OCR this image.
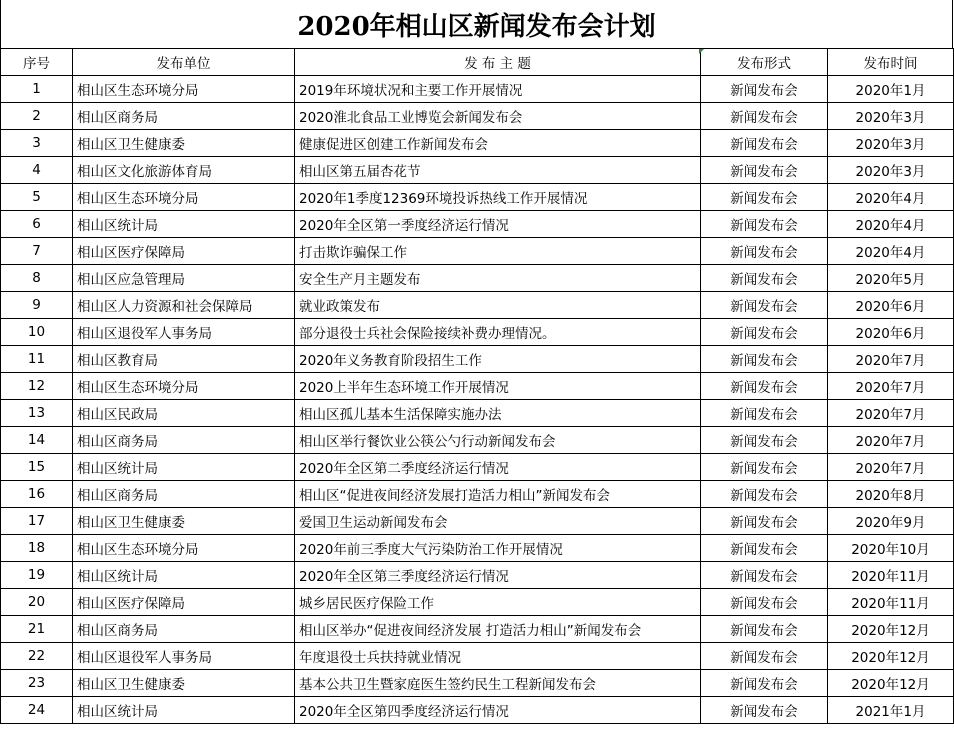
2020年相山区新闻发布会计划
序号	发布单位	发 布 主 题	发布形式	发布时间
1	相山区生态环境分局	2019年环境状况和主要工作开展情况	新闻发布会	2020年1月
2	相山区商务局	2020淮北食品工业博览会新闻发布会	新闻发布会	2020年3月
3	相山区卫生健康委	健康促进区创建工作新闻发布会	新闻发布会	2020年3月
4	相山区文化旅游体育局	相山区第五届杏花节	新闻发布会	2020年3月
5	相山区生态环境分局	2020年1季度12369环境投诉热线工作开展情况	新闻发布会	2020年4月
6	相山区统计局	2020年全区第一季度经济运行情况	新闻发布会	2020年4月
7	相山区医疗保障局	打击欺诈骗保工作	新闻发布会	2020年4月
8	相山区应急管理局	安全生产月主题发布	新闻发布会	2020年5月
9	相山区人力资源和社会保障局	就业政策发布	新闻发布会	2020年6月
10	相山区退役军人事务局	部分退役士兵社会保险接续补费办理情况。	新闻发布会	2020年6月
11	相山区教育局	2020年义务教育阶段招生工作	新闻发布会	2020年7月
12	相山区生态环境分局	2020上半年生态环境工作开展情况	新闻发布会	2020年7月
13	相山区民政局	相山区孤儿基本生活保障实施办法	新闻发布会	2020年7月
14	相山区商务局	相山区举行餐饮业公筷公勺行动新闻发布会	新闻发布会	2020年7月
15	相山区统计局	2020年全区第二季度经济运行情况	新闻发布会	2020年7月
16	相山区商务局	相山区“促进夜间经济发展打造活力相山”新闻发布会	新闻发布会	2020年8月
17	相山区卫生健康委	爱国卫生运动新闻发布会	新闻发布会	2020年9月
18	相山区生态环境分局	2020年前三季度大气污染防治工作开展情况	新闻发布会	2020年10月
19	相山区统计局	2020年全区第三季度经济运行情况	新闻发布会	2020年11月
20	相山区医疗保障局	城乡居民医疗保险工作	新闻发布会	2020年11月
21	相山区商务局	相山区举办“促进夜间经济发展 打造活力相山”新闻发布会	新闻发布会	2020年12月
22	相山区退役军人事务局	年度退役士兵扶持就业情况	新闻发布会	2020年12月
23	相山区卫生健康委	基本公共卫生暨家庭医生签约民生工程新闻发布会	新闻发布会	2020年12月
24	相山区统计局	2020年全区第四季度经济运行情况	新闻发布会	2021年1月
